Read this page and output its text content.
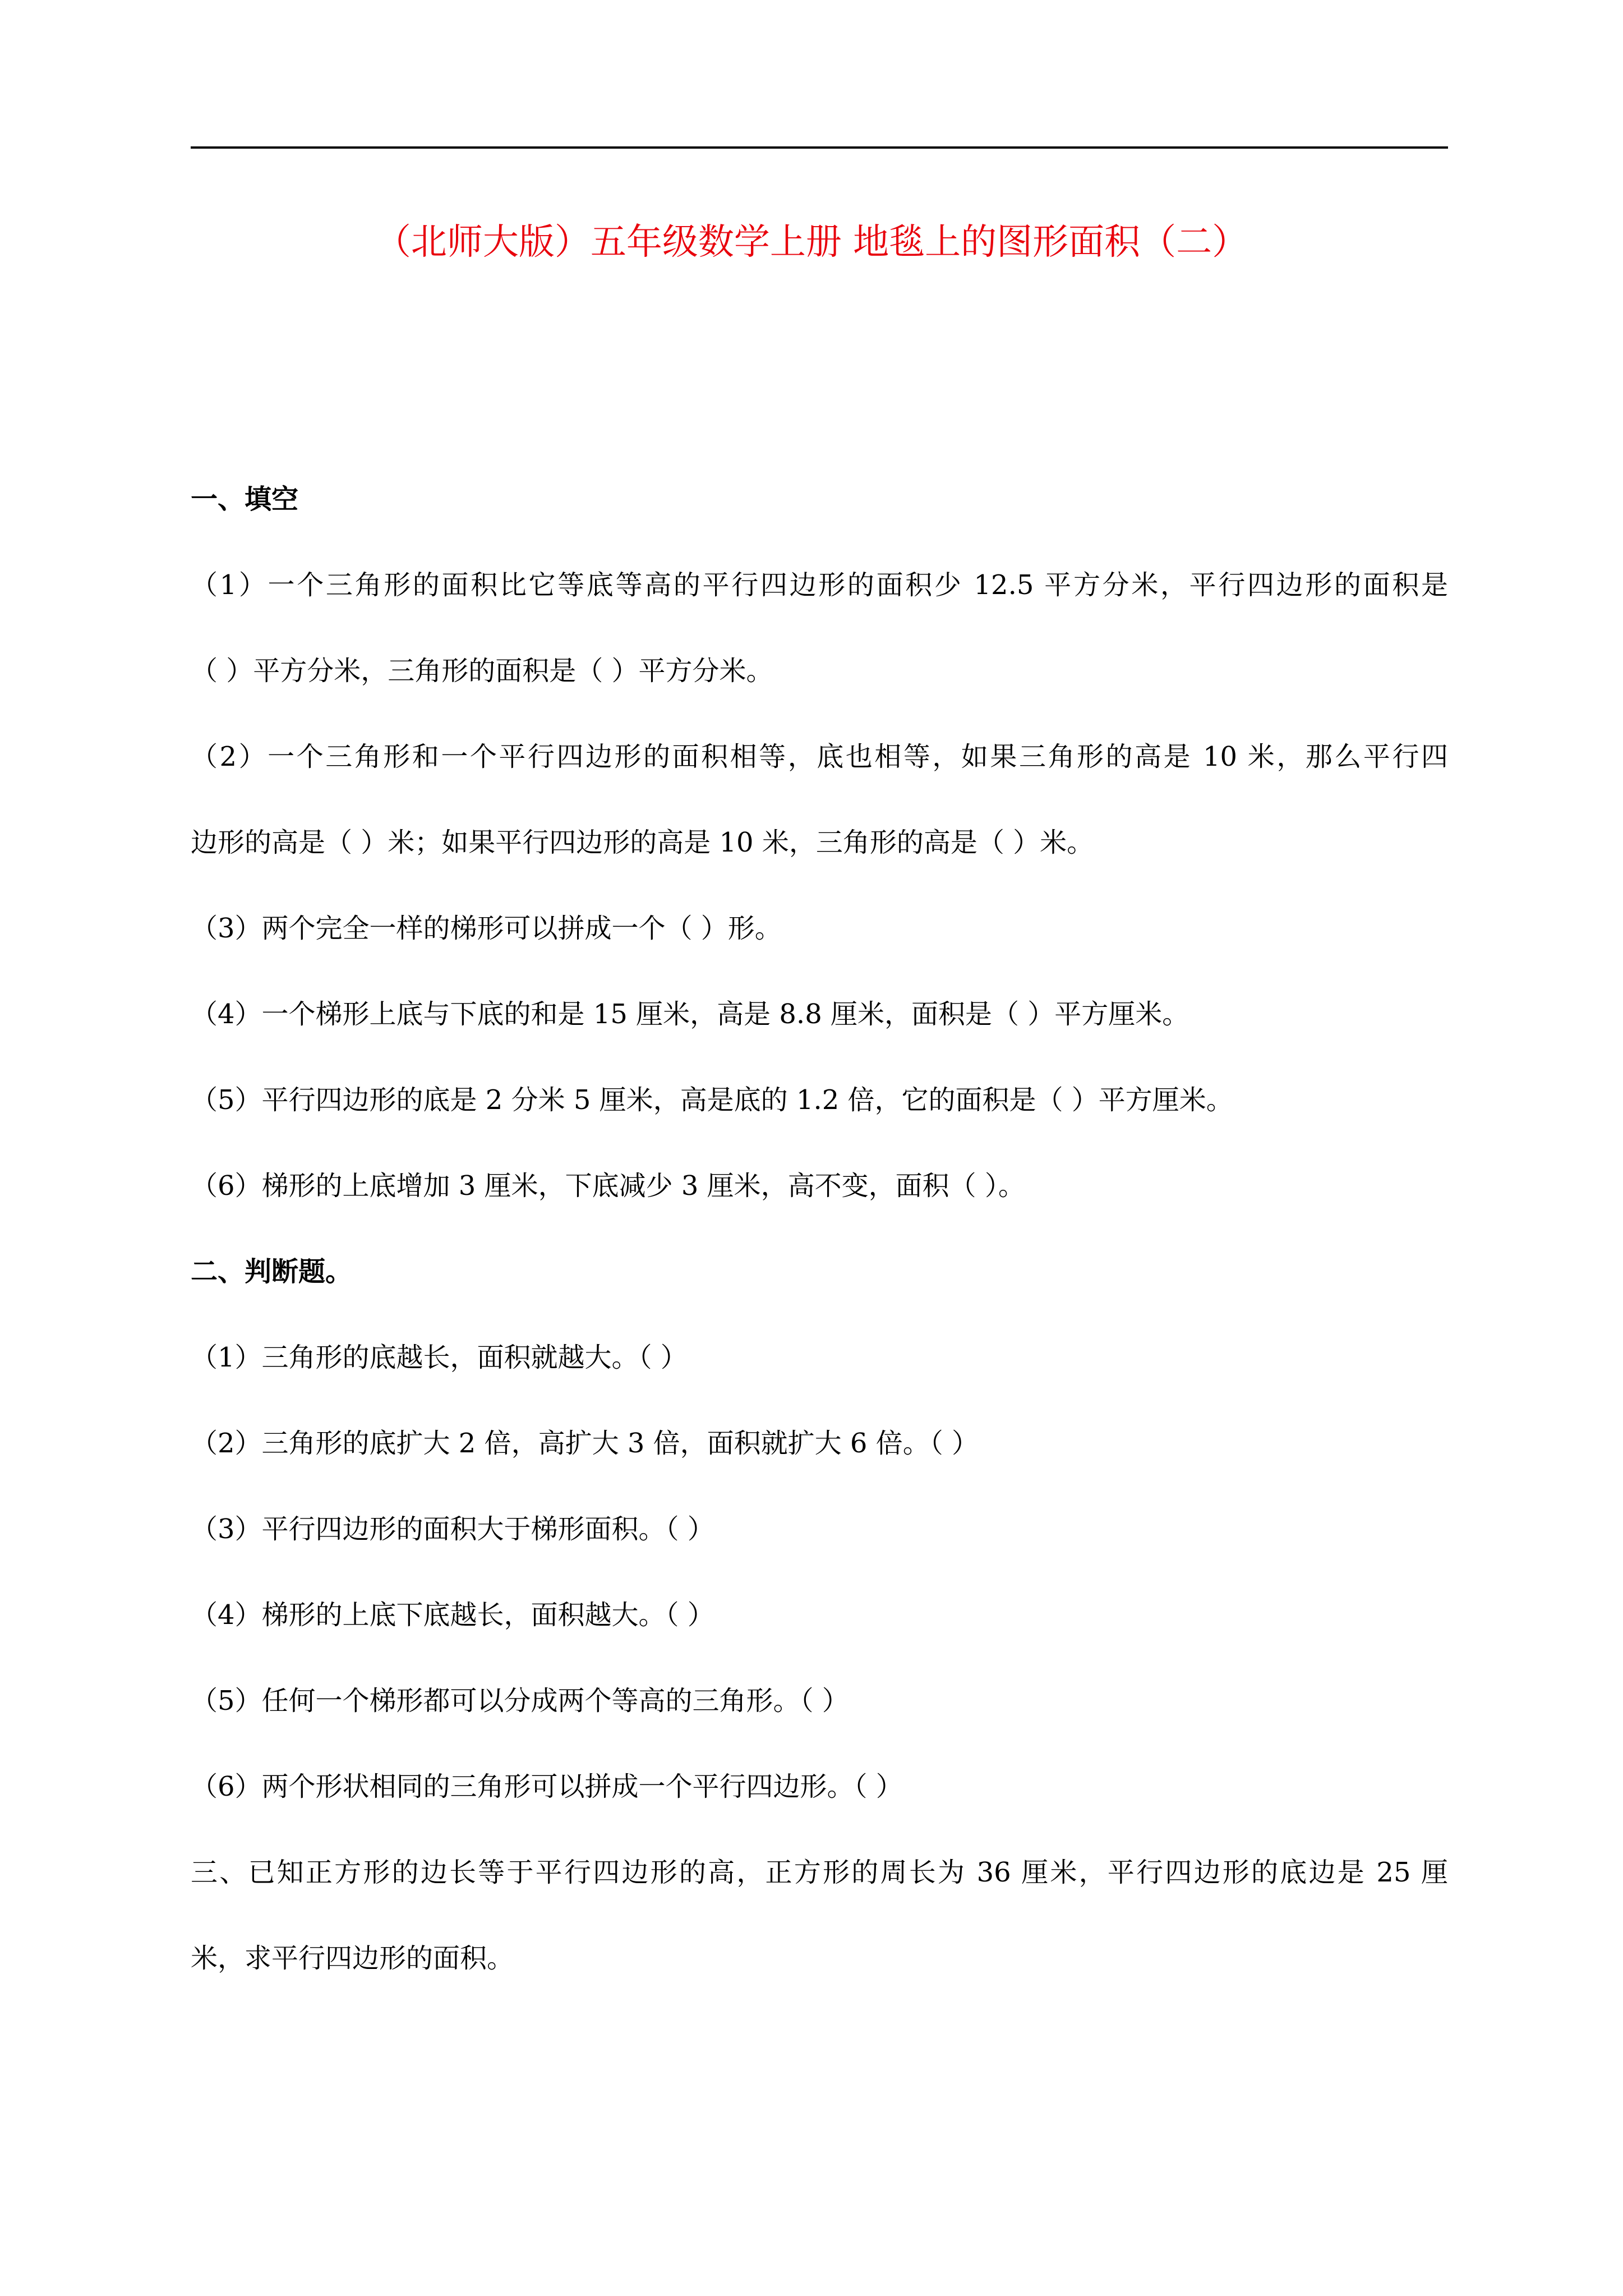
（北师大版）五年级数学上册 地毯上的图形面积（二）
一、填空
（1）一个三角形的面积比它等底等高的平行四边形的面积少 12.5 平方分米，平行四边形的面积是
（ ）平方分米，三角形的面积是（ ）平方分米。
（2）一个三角形和一个平行四边形的面积相等，底也相等，如果三角形的高是 10 米，那么平行四
边形的高是（ ）米；如果平行四边形的高是 10 米，三角形的高是（ ）米。
（3）两个完全一样的梯形可以拼成一个（ ）形。
（4）一个梯形上底与下底的和是 15 厘米，高是 8.8 厘米，面积是（ ）平方厘米。
（5）平行四边形的底是 2 分米 5 厘米，高是底的 1.2 倍，它的面积是（ ）平方厘米。
（6）梯形的上底增加 3 厘米，下底减少 3 厘米，高不变，面积（ ）。
二、判断题。
（1）三角形的底越长，面积就越大。（ ）
（2）三角形的底扩大 2 倍，高扩大 3 倍，面积就扩大 6 倍。（ ）
（3）平行四边形的面积大于梯形面积。（ ）
（4）梯形的上底下底越长，面积越大。（ ）
（5）任何一个梯形都可以分成两个等高的三角形。（ ）
（6）两个形状相同的三角形可以拼成一个平行四边形。（ ）
三、已知正方形的边长等于平行四边形的高，正方形的周长为 36 厘米，平行四边形的底边是 25 厘
米，求平行四边形的面积。
